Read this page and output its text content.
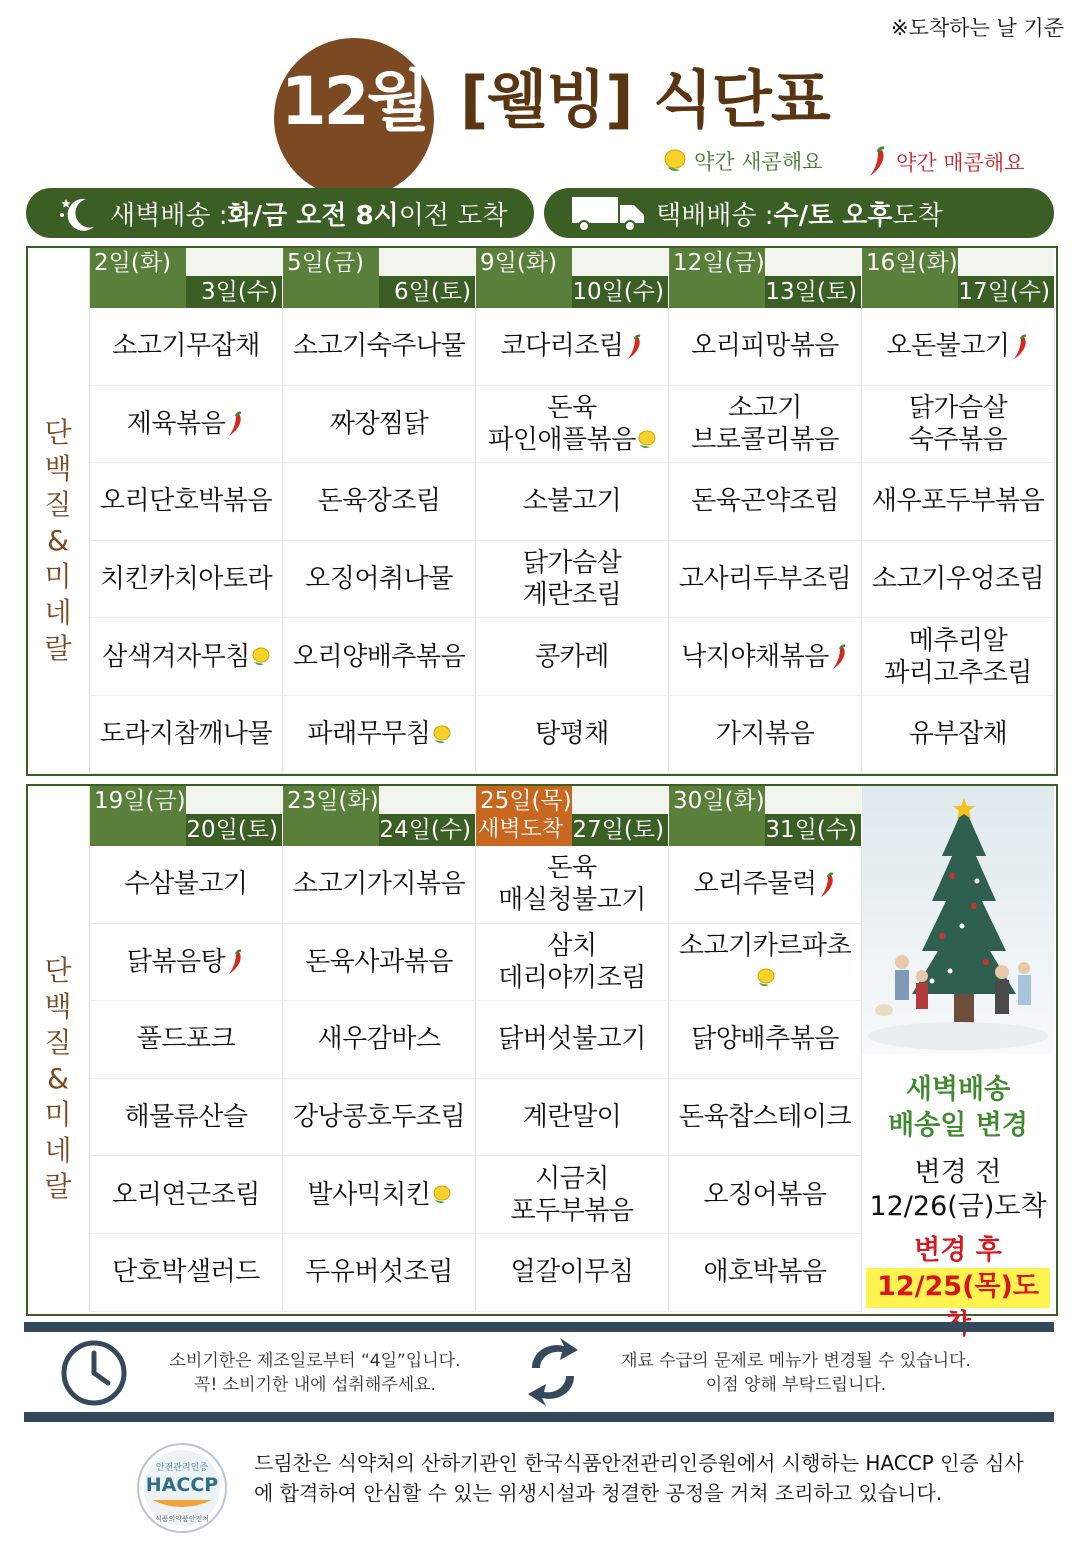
※도착하는 날 기준
12월 [웰빙] 식단표
약간 새콤해요	약간 매콤해요
새벽배송 : 화/금 오전 8시 이전 도착	택배배송 : 수/토 오후 도착
새벽배송
배송일 변경
변경 전
12/26(금)도착
변경 후
12/25(목)도
소비기한은 제조일로부터 “4일”입니다.
꼭! 소비기한 내에 섭취해주세요.
재료 수급의 문제로 메뉴가 변경될 수 있습니다.
이점 양해 부탁드립니다.
안전관리인증
HACCP
식품의약품안전처
드림찬은 식약처의 산하기관인 한국식품안전관리인증원에서 시행하는 HACCP 인증 심사에 합격하여 안심할 수 있는 위생시설과 청결한 공정을 거쳐 조리하고 있습니다.
단
백
질
&
미
네
랄
2일(화)
3일(수)
소고기무잡채
제육볶음
오리단호박볶음
치킨카치아토라
삼색겨자무침
도라지참깨나물
5일(금)
6일(토)
소고기숙주나물
짜장찜닭
돈육장조림
오징어취나물
오리양배추볶음
파래무무침
9일(화)
10일(수)
코다리조림
돈육
파인애플볶음
소불고기
닭가슴살
계란조림
콩카레
탕평채
12일(금)
13일(토)
오리피망볶음
소고기
브로콜리볶음
돈육곤약조림
고사리두부조림
낙지야채볶음
가지볶음
16일(화)
17일(수)
오돈불고기
닭가슴살
숙주볶음
새우포두부볶음
소고기우엉조림
메추리알
꽈리고추조림
유부잡채
단
백
질
&
미
네
랄
19일(금)
20일(토)
수삼불고기
닭볶음탕
풀드포크
해물류산슬
오리연근조림
단호박샐러드
23일(화)
24일(수)
소고기가지볶음
돈육사과볶음
새우감바스
강낭콩호두조림
발사믹치킨
두유버섯조림
25일(목)
새벽도착 27일(토)
돈육
매실청불고기
삼치
데리야끼조림
닭버섯불고기
계란말이
시금치
포두부볶음
얼갈이무침
30일(화)
31일(수)
오리주물럭
소고기카르파초
닭양배추볶음
돈육찹스테이크
오징어볶음
애호박볶음
